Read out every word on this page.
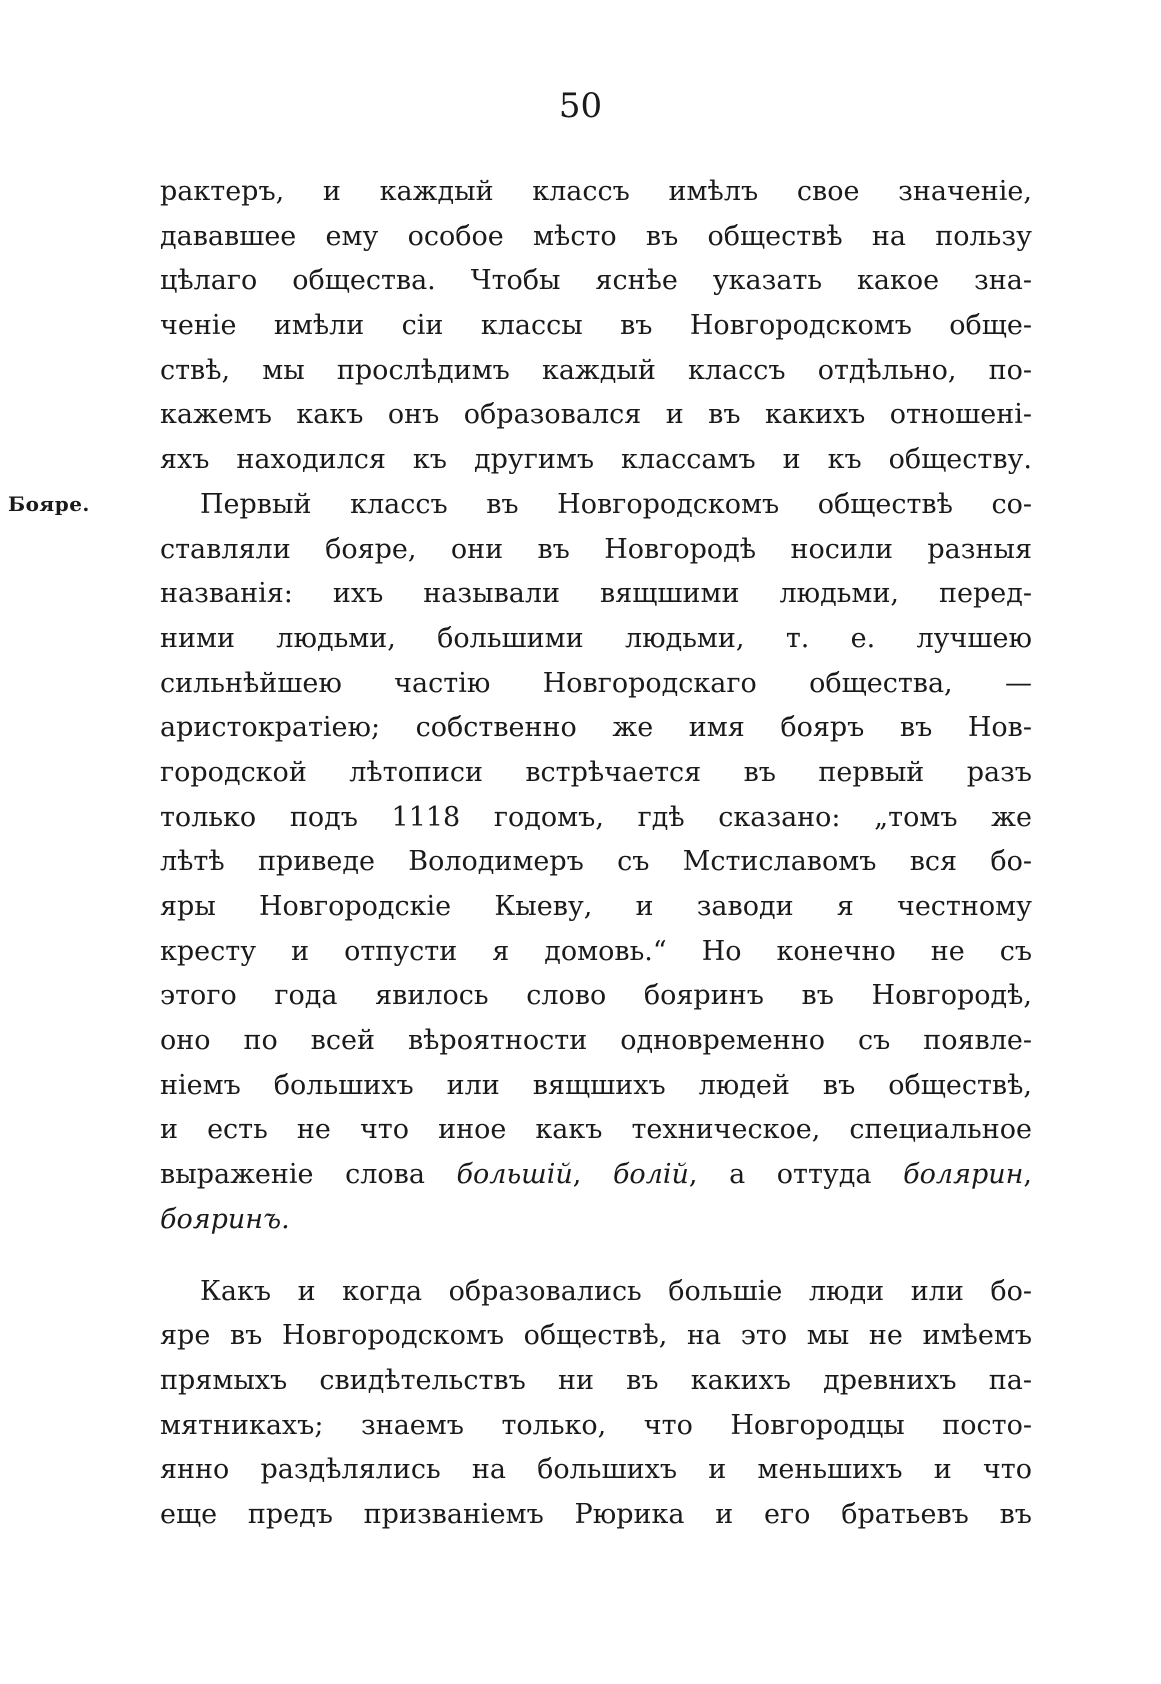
50
Бояре.
рактеръ, и каждый классъ имѣлъ свое значеніе,
дававшее ему особое мѣсто въ обществѣ на пользу
цѣлаго общества. Чтобы яснѣе указать какое зна-
ченіе имѣли сіи классы въ Новгородскомъ обще-
ствѣ, мы прослѣдимъ каждый классъ отдѣльно, по-
кажемъ какъ онъ образовался и въ какихъ отношені-
яхъ находился къ другимъ классамъ и къ обществу.
Первый классъ въ Новгородскомъ обществѣ со-
ставляли бояре, они въ Новгородѣ носили разныя
названія: ихъ называли вящшими людьми, перед-
ними людьми, большими людьми, т. е. лучшею
сильнѣйшею частію Новгородскаго общества, —
аристократіею; собственно же имя бояръ въ Нов-
городской лѣтописи встрѣчается въ первый разъ
только подъ 1118 годомъ, гдѣ сказано: „томъ же
лѣтѣ приведе Володимеръ съ Мстиславомъ вся бо-
яры Новгородскіе Кыеву, и заводи я честному
кресту и отпусти я домовь.“ Но конечно не съ
этого года явилось слово бояринъ въ Новгородѣ,
оно по всей вѣроятности одновременно съ появле-
ніемъ большихъ или вящшихъ людей въ обществѣ,
и есть не что иное какъ техническое, специальное
выраженіе слова большій, болій, а оттуда болярин,
бояринъ.
Какъ и когда образовались большіе люди или бо-
яре въ Новгородскомъ обществѣ, на это мы не имѣемъ
прямыхъ свидѣтельствъ ни въ какихъ древнихъ па-
мятникахъ; знаемъ только, что Новгородцы посто-
янно раздѣлялись на большихъ и меньшихъ и что
еще предъ призваніемъ Рюрика и его братьевъ въ
